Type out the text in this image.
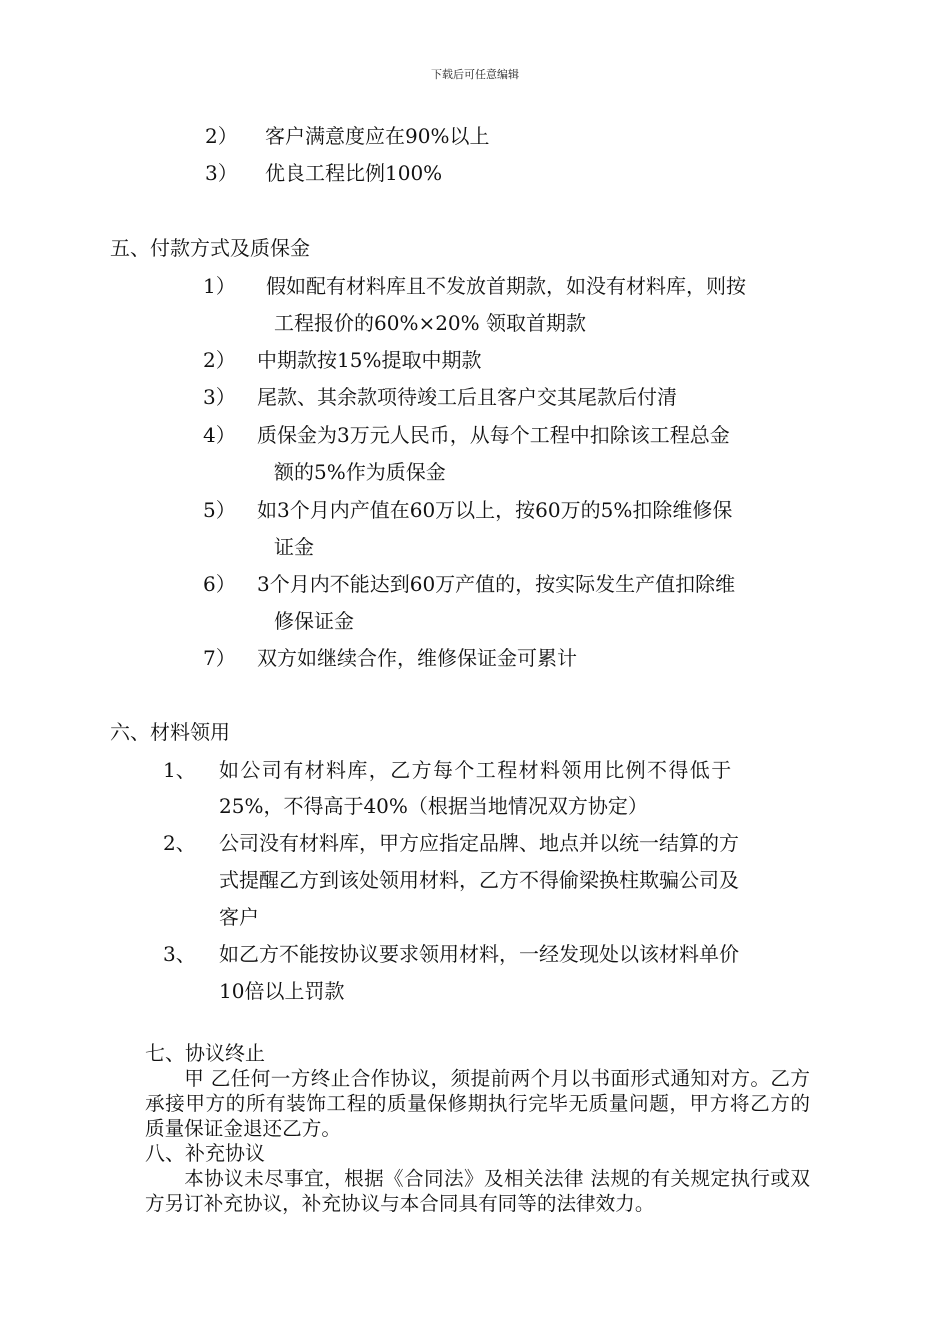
下载后可任意编辑
2） 客户满意度应在90%以上
3） 优良工程比例100%
五、付款方式及质保金
1） 假如配有材料库且不发放首期款，如没有材料库，则按
工程报价的60%×20% 领取首期款
2） 中期款按15%提取中期款
3） 尾款、其余款项待竣工后且客户交其尾款后付清
4） 质保金为3万元人民币，从每个工程中扣除该工程总金
额的5%作为质保金
5） 如3个月内产值在60万以上，按60万的5%扣除维修保
证金
6） 3个月内不能达到60万产值的，按实际发生产值扣除维
修保证金
7） 双方如继续合作，维修保证金可累计
六、材料领用
1、 如公司有材料库，乙方每个工程材料领用比例不得低于
25%，不得高于40%（根据当地情况双方协定）
2、 公司没有材料库，甲方应指定品牌、地点并以统一结算的方
式提醒乙方到该处领用材料，乙方不得偷梁换柱欺骗公司及
客户
3、 如乙方不能按协议要求领用材料，一经发现处以该材料单价
10倍以上罚款
七、协议终止
甲 乙任何一方终止合作协议，须提前两个月以书面形式通知对方。乙方承接甲方的所有装饰工程的质量保修期执行完毕无质量问题，甲方将乙方的质量保证金退还乙方。
八、补充协议
本协议未尽事宜，根据《合同法》及相关法律 法规的有关规定执行或双方另订补充协议，补充协议与本合同具有同等的法律效力。
